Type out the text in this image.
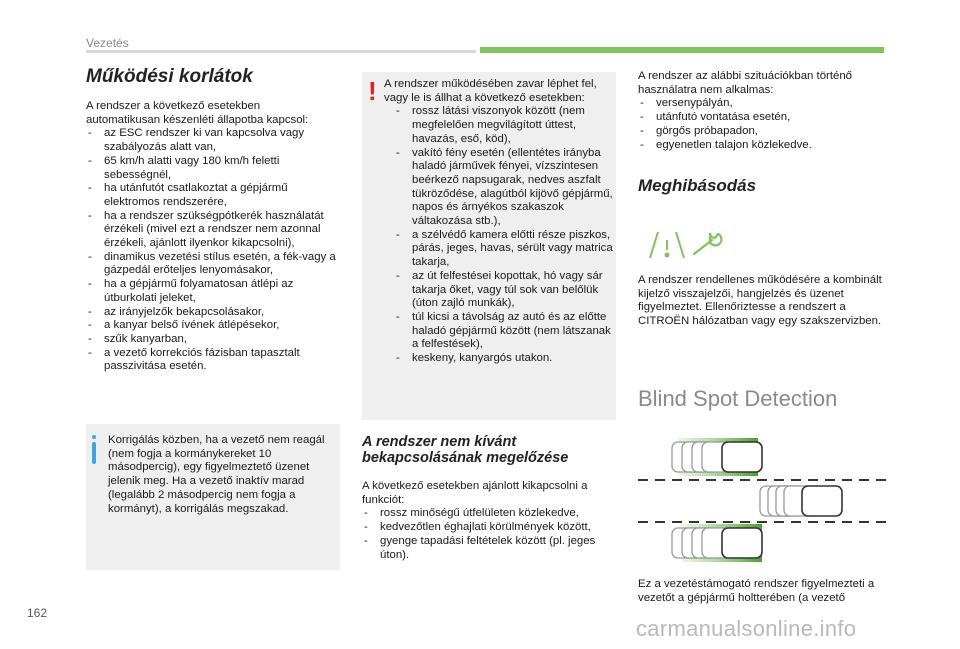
Vezetés
Működési korlátok
A rendszer a következő esetekben automatikusan készenléti állapotba kapcsol:
- az ESC rendszer ki van kapcsolva vagy szabályozás alatt van,
- 65 km/h alatti vagy 180 km/h feletti sebességnél,
- ha utánfutót csatlakoztat a gépjármű elektromos rendszerére,
- ha a rendszer szükségpótkerék használatát érzékeli (mivel ezt a rendszer nem azonnal érzékeli, ajánlott ilyenkor kikapcsolni),
- dinamikus vezetési stílus esetén, a fék-vagy a gázpedál erőteljes lenyomásakor,
- ha a gépjármű folyamatosan átlépi az útburkolati jeleket,
- az irányjelzők bekapcsolásakor,
- a kanyar belső ívének átlépésekor,
- szűk kanyarban,
- a vezető korrekciós fázisban tapasztalt passzivitása esetén.
Korrigálás közben, ha a vezető nem reagál (nem fogja a kormánykereket 10 másodpercig), egy figyelmeztető üzenet jelenik meg. Ha a vezető inaktív marad (legalább 2 másodpercig nem fogja a kormányt), a korrigálás megszakad.
! A rendszer működésében zavar léphet fel, vagy le is állhat a következő esetekben:
- rossz látási viszonyok között (nem megfelelően megvilágított úttest, havazás, eső, köd),
- vakító fény esetén (ellentétes irányba haladó járművek fényei, vízszintesen beérkező napsugarak, nedves aszfalt tükröződése, alagútból kijövő gépjármű, napos és árnyékos szakaszok váltakozása stb.),
- a szélvédő kamera előtti része piszkos, párás, jeges, havas, sérült vagy matrica takarja,
- az út felfestései kopottak, hó vagy sár takarja őket, vagy túl sok van belőlük (úton zajló munkák),
- túl kicsi a távolság az autó és az előtte haladó gépjármű között (nem látszanak a felfestések),
- keskeny, kanyargós utakon.
A rendszer nem kívánt bekapcsolásának megelőzése
A következő esetekben ajánlott kikapcsolni a funkciót:
- rossz minőségű útfelületen közlekedve,
- kedvezőtlen éghajlati körülmények között,
- gyenge tapadási feltételek között (pl. jeges úton).
A rendszer az alábbi szituációkban történő használatra nem alkalmas:
- versenypályán,
- utánfutó vontatása esetén,
- görgős próbapadon,
- egyenetlen talajon közlekedve.
Meghibásodás
A rendszer rendellenes működésére a kombinált kijelző visszajelzői, hangjelzés és üzenet figyelmeztet. Ellenőriztesse a rendszert a CITROËN hálózatban vagy egy szakszervizben.
Blind Spot Detection
Ez a vezetéstámogató rendszer figyelmezteti a vezetőt a gépjármű holtterében (a vezető
162
carmanualsonline.info
